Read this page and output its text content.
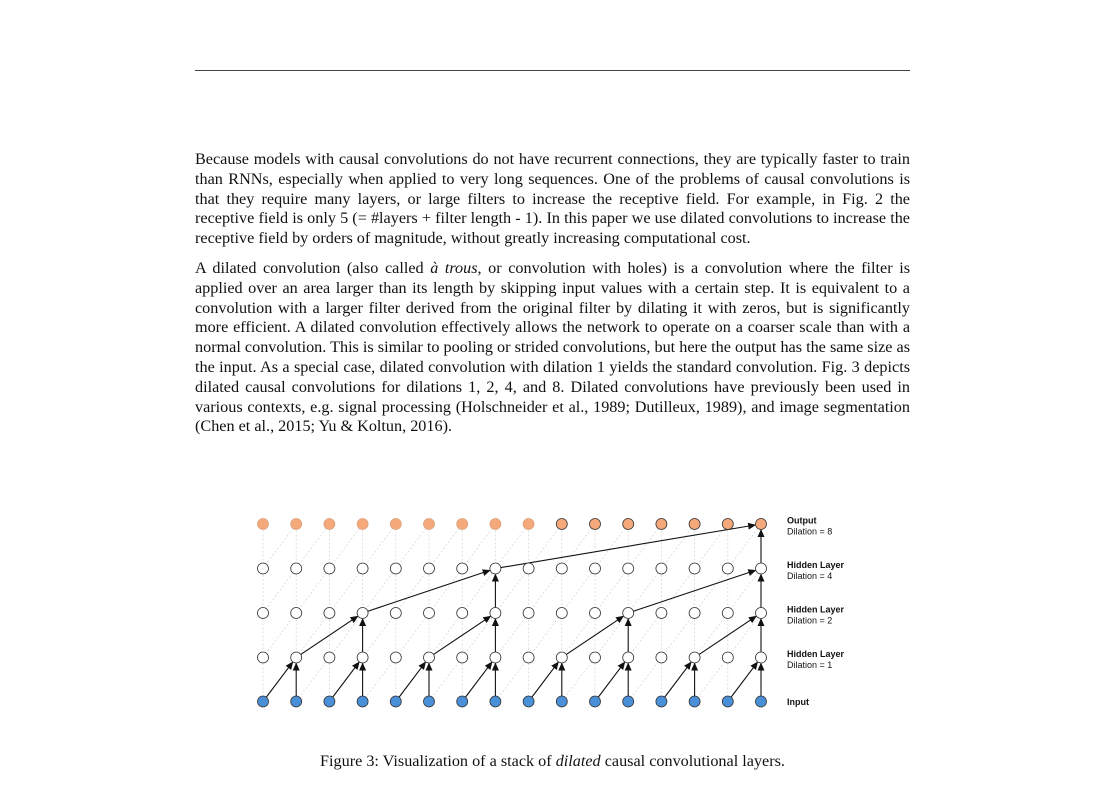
Because models with causal convolutions do not have recurrent connections, they are typically faster to train than RNNs, especially when applied to very long sequences. One of the problems of causal convolutions is that they require many layers, or large filters to increase the receptive field. For example, in Fig. 2 the receptive field is only 5 (= #layers + filter length - 1). In this paper we use dilated convolutions to increase the receptive field by orders of magnitude, without greatly increasing computational cost.

A dilated convolution (also called à trous, or convolution with holes) is a convolution where the filter is applied over an area larger than its length by skipping input values with a certain step. It is equivalent to a convolution with a larger filter derived from the original filter by dilating it with zeros, but is significantly more efficient. A dilated convolution effectively allows the network to operate on a coarser scale than with a normal convolution. This is similar to pooling or strided convolutions, but here the output has the same size as the input. As a special case, dilated convolution with dilation 1 yields the standard convolution. Fig. 3 depicts dilated causal convolutions for dilations 1, 2, 4, and 8. Dilated convolutions have previously been used in various contexts, e.g. signal processing (Holschneider et al., 1989; Dutilleux, 1989), and image segmentation (Chen et al., 2015; Yu & Koltun, 2016).

Output
Dilation = 8
Hidden Layer
Dilation = 4
Hidden Layer
Dilation = 2
Hidden Layer
Dilation = 1
Input
Figure 3: Visualization of a stack of dilated causal convolutional layers.
